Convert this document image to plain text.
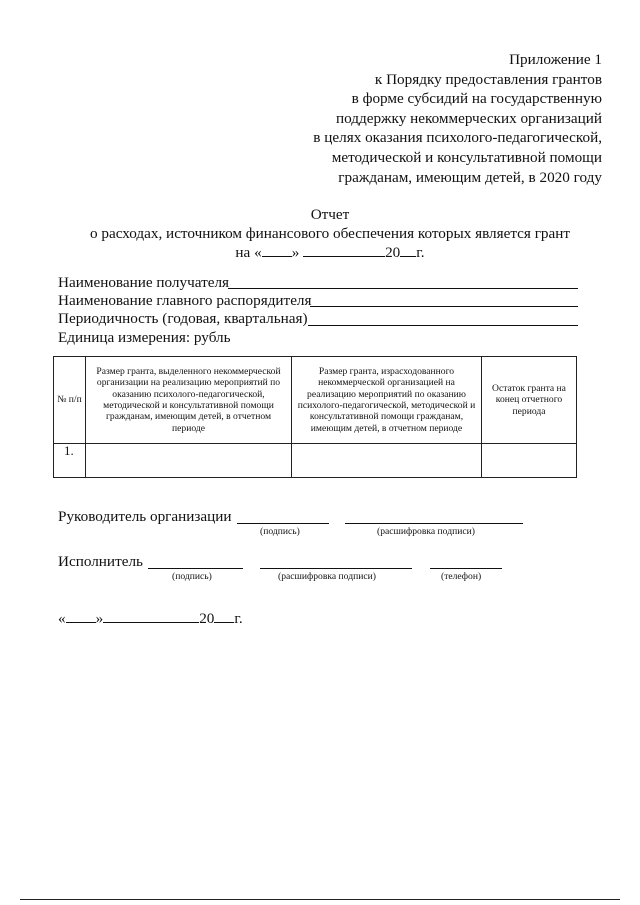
Приложение 1
к Порядку предоставления грантов
в форме субсидий на государственную
поддержку некоммерческих организаций
в целях оказания психолого-педагогической,
методической и консультативной помощи
гражданам, имеющим детей, в 2020 году
Отчет
о расходах, источником финансового обеспечения которых является грант
на « »	20 г.
Наименование получателя
Наименование главного распорядителя
Периодичность (годовая, квартальная)
Единица измерения: рубль
№ п/п	Размер гранта, выделенного некоммерческой организации на реализацию мероприятий по оказанию психолого-педагогической, методической и консультативной помощи гражданам, имеющим детей, в отчетном периоде	Размер гранта, израсходованного некоммерческой организацией на реализацию мероприятий по оказанию психолого-педагогической, методической и консультативной помощи гражданам, имеющим детей, в отчетном периоде	Остаток гранта на конец отчетного периода
1.			
Руководитель организации
(подпись)	(расшифровка подписи)
Исполнитель
(подпись)	(расшифровка подписи)	(телефон)
« »	20 г.
